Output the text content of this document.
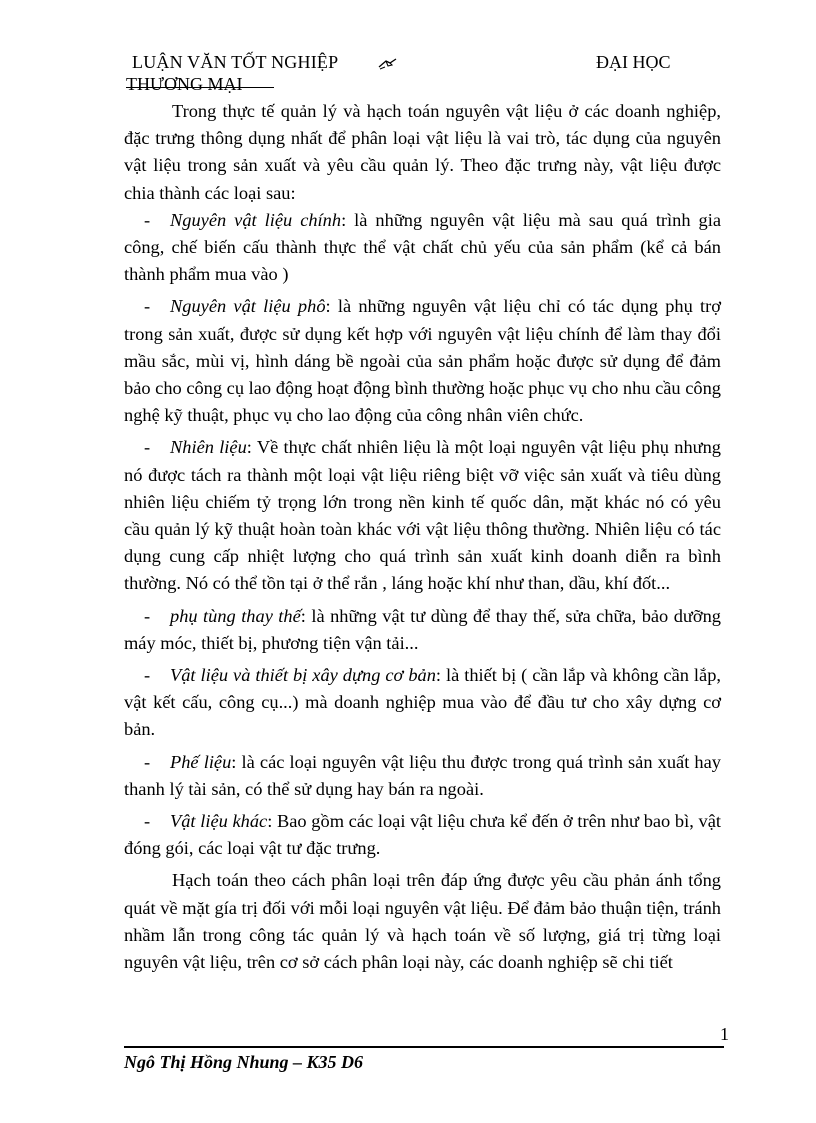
LUẬN VĂN TỐT NGHIỆP	ĐẠI HỌC
THƯƠNG MẠI

Trong thực tế quản lý và hạch toán nguyên vật liệu ở các doanh nghiệp, đặc trưng thông dụng nhất để phân loại vật liệu là vai trò, tác dụng của nguyên vật liệu trong sản xuất và yêu cầu quản lý. Theo đặc trưng này, vật liệu được chia thành các loại sau:

- Nguyên vật liệu chính: là những nguyên vật liệu mà sau quá trình gia công, chế biến cấu thành thực thể vật chất chủ yếu của sản phẩm (kể cả bán thành phẩm mua vào )

- Nguyên vật liệu phô: là những nguyên vật liệu chỉ có tác dụng phụ trợ trong sản xuất, được sử dụng kết hợp với nguyên vật liệu chính để làm thay đổi mầu sắc, mùi vị, hình dáng bề ngoài của sản phẩm hoặc được sử dụng để đảm bảo cho công cụ lao động hoạt động bình thường hoặc phục vụ cho nhu cầu công nghệ kỹ thuật, phục vụ cho lao động của công nhân viên chức.

- Nhiên liệu: Về thực chất nhiên liệu là một loại nguyên vật liệu phụ nhưng nó được tách ra thành một loại vật liệu riêng biệt vỡ việc sản xuất và tiêu dùng nhiên liệu chiếm tỷ trọng lớn trong nền kinh tế quốc dân, mặt khác nó có yêu cầu quản lý kỹ thuật hoàn toàn khác với vật liệu thông thường. Nhiên liệu có tác dụng cung cấp nhiệt lượng cho quá trình sản xuất kinh doanh diễn ra bình thường. Nó có thể tồn tại ở thể rắn , láng hoặc khí như than, dầu, khí đốt...

- phụ tùng thay thế: là những vật tư dùng để thay thế, sửa chữa, bảo dưỡng máy móc, thiết bị, phương tiện vận tải...

- Vật liệu và thiết bị xây dựng cơ bản: là thiết bị ( cần lắp và không cần lắp, vật kết cấu, công cụ...) mà doanh nghiệp mua vào để đầu tư cho xây dựng cơ bản.

- Phế liệu: là các loại nguyên vật liệu thu được trong quá trình sản xuất hay thanh lý tài sản, có thể sử dụng hay bán ra ngoài.

- Vật liệu khác: Bao gồm các loại vật liệu chưa kể đến ở trên như bao bì, vật đóng gói, các loại vật tư đặc trưng.

Hạch toán theo cách phân loại trên đáp ứng được yêu cầu phản ánh tổng quát về mặt gía trị đối với mỗi loại nguyên vật liệu. Để đảm bảo thuận tiện, tránh nhầm lẫn trong công tác quản lý và hạch toán về số lượng, giá trị từng loại nguyên vật liệu, trên cơ sở cách phân loại này, các doanh nghiệp sẽ chi tiết

1
Ngô Thị Hồng Nhung – K35 D6
